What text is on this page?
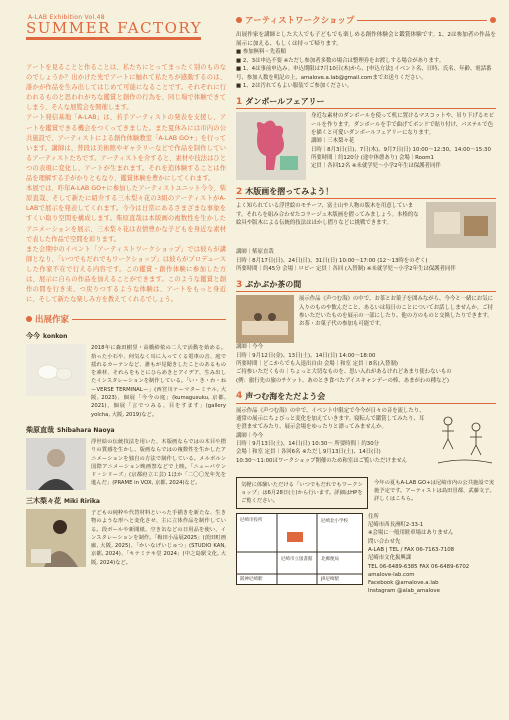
A-LAB Exhibition Vol.48
SUMMER FACTORY

アートを見ることと作ることは、私たちにとってまったく別のものなのでしょうか？出かけた先でアートに触れて私たちが感動するのは、誰かが作品を生み出してはじめて可能になることです。それぞれに行われるものと思われがちな鑑賞と創作の行為を、同じ場で体験できてしまう、そんな展覧会を開催します。

アート発信基地「A-LAB」は、若手アーティストの発表を支援し、アートを鑑賞できる機会をつくってきました。また夏休みには市内の公共施設で、アーティストによる創作体験教室「A-LAB GO+」を行っています。講師は、普段は美術館やギャラリーなどで作品を制作しているアーティストたちです。アーティストを介すると、素材や技法はひとつの表現に変化し、アートが生まれます。それを追体験することは作品を理解する手がかりともなり、鑑賞体験を豊かにしてくれます。

本展では、昨年A-LAB GO+に参加したアーティストユニット今今、柴原直哉、そして新たに紹介する三木梨々花の3組のアーティストがA-LABで展示を発表してくれます。今今は日常にあるさまざまな事象をすくい取り空間を構成します。柴原直哉は本版画の複数性を生かしたアニメーションを展示、三木梨々花は表情豊かな子どもを身近な素材で表した作品で空間を彩ります。

また会期中のイベント「アーティストワークショップ」では彼らが講師となり、「いつでもだれでもワークショップ」は彼らがプロデュースした作家不在で行える内容です。この鑑賞・創作体験に参加した方は、展示に自らの作品を加えることができます。このような鑑賞と創作の間を行き来、つ戻りつするような体験は、アートをもっと身近に、そして新たな楽しみ方を教えてくれるでしょう。

出展作家
今今 konkon
2018年に森田樹里・高橋紗依の二人で活動を始める。拾った小石や、何気なく耳に入ってくる電車の音、庭で揺れるカーテンなど、誰もが見聞きしたことのあるものを素材、それらをもとにひらめきとアイデア、生み出したインスタレーションを制作している。「い・き・わ・ね ーVERSE TERMINALー」(西宮川テーマターミナル, 大阪, 2023)、個展「今今の庭」(kumagusuku, 京都, 2021)、個展「言でつみる、目をすます」(gallery yolcha, 大阪, 2019)など。
柴原直哉 Shibahara Naoya
浮世絵の伝統技法を用いた、木版画ならではの木目や摺りの質感を生かし、版画ならではの複数性を生かしたアニメーションを独自の方法で制作している。メルボルン国際アニメーション映画祭などで上映。「ニューバウンド・シリーズ」(京都府立工芸) 1ほか「二〇〇光年先を進んだ」(PRAME in VOX, 京都, 2024)など。
三木梨々花 Miki Ririka
子どもの純粋や代替材料といった手描きを新たな、生き物のような形へと変化させ、主に立体作品を制作している。段ボールや新聞紙、空き缶などの日用品を使い、インスタレーションを制作。「梅田小品展2025」(茨田町画廊, 大阪, 2025)、「かいなげいじゅつ」(STUDIO KAN, 京都, 2024)、「キテミテキ堂 2024」(中之島駅文化, 大阪, 2024)など。
アーティストワークショップ
出展作家を講師とした大人でも子どもでも楽しめる創作体験会と鑑賞体験です。1、2は参加者の作品を展示に加える、もしくは持って帰ります。
■ 参加無料・先着順
■ 2、3は申込不要 ※ただし参加者多数の場合は整理券をお渡しする場合があります。
■ 1、4は事前申込み。申込期限は7月10日(木)から、[申込方法] イベント名、日時、氏名、年齢、電話番号、参加人数を明記の上、amalove.a.lab@gmail.comまでお送りください。
■ 1、2は汚れてもよい服装でご参加ください。
1 ダンボールフェアリー
身近な素材のダンボールを使って机に置けるマスコットや、吊り下げるモビールを作ります。ダンボールを手で曲げてボンドで貼り付け、パステルで色を描くと可愛いダンボールフェアリーになります。
講師｜三木梨々花
日時｜8月3日(日)、7日(木)、9月7日(日) 10:00〜12:30、14:00〜15:30
所要時間｜約120分 (途中休憩あり) 会場｜Room1
定員｜各回12名 ※未就学児〜小学2年生は保護者同伴
2 木版画を摺ってみよう！
よく知られている浮世絵のモチーフ、富士山や人物の版木を用意しています。それらを組み合わせたコラージュ木版画を摺ってみましょう。本格的な絵具や版木による伝統的技法はほかし摺りなどに挑戦できます。
講師｜柴原直哉
日時｜8月17日(日)、24日(日)、31日(日) 10:00〜17:00 (12〜13時をのぞく)
所要時間｜約45分 会場｜ロビー 定員｜各回 (入替制) ※未就学児〜小学2年生は保護者同伴
3 ぷかぷか茶の間
展示作品《声つむ海》の中で、お茶とお菓子を囲みながら、今今と一緒にお気に入りのものや飲んだこと、あるいは毎日のことについてお話ししませんか。ご持参いただいたものを展示の一部にしたり、他の方のものと交換したりできます。お茶・お菓子代の参加も可能です。
講師｜今今
日時｜9月12日(金)、13日(土)、14日(日) 14:00〜18:00
所要時間｜どこからでも入退出自由 会場｜和室 定員｜8名(入替制)
ご持参いただくもの｜ちょっと大切なものを、思い入れがあるけれどあまり使わないもの
(例：旅行先の旅のチケット、あのとき食べたアイスキャンデーの棒、あまがわの種など)
4 声つむ海をただよう会
展示作品《声つむ海》の中で、イベント中限定で今今が日々の音を流したり、通常の展示にちょびっと変化を加えていきます。寝転んで鑑賞してみたり、耳を澄ませてみたり、展示会場をゆったりと漂ってみませんか。
講師｜今今
日時｜9月13日(土)、14日(日) 10:30〜 所要時間｜約30分
会場｜和室 定員｜各回6名 ※ただし9月13日(土)、14日(日)
10:30〜11:00はワークショップ開催のため和室はご覧いただけません
気軽に体験いただける「いつでもだれでもワークショップ」は6月28日(土)から行います。詳細はHPをご覧ください。
今年の夏もA-LAB GO+は尼崎市内の公共施設で実施予定です。アーティストは島田冒都、武藤文子。詳しくはこちら。
尼崎市役所
阪神尼崎駅
尼崎北小学校
北郵便局
尼崎市立図書館
JR尼崎駅
住所
尼崎市西長洲町2-33-1
※会場に一般用駐車場はありません
問い合わせ先
A-LAB | TEL / FAX 06-7163-7108
尼崎市文化振興課
TEL 06-6489-6385 FAX 06-6489-6702
amalove-lab.com
Facebook @amalove.a.lab
Instagram @alab_amalove
